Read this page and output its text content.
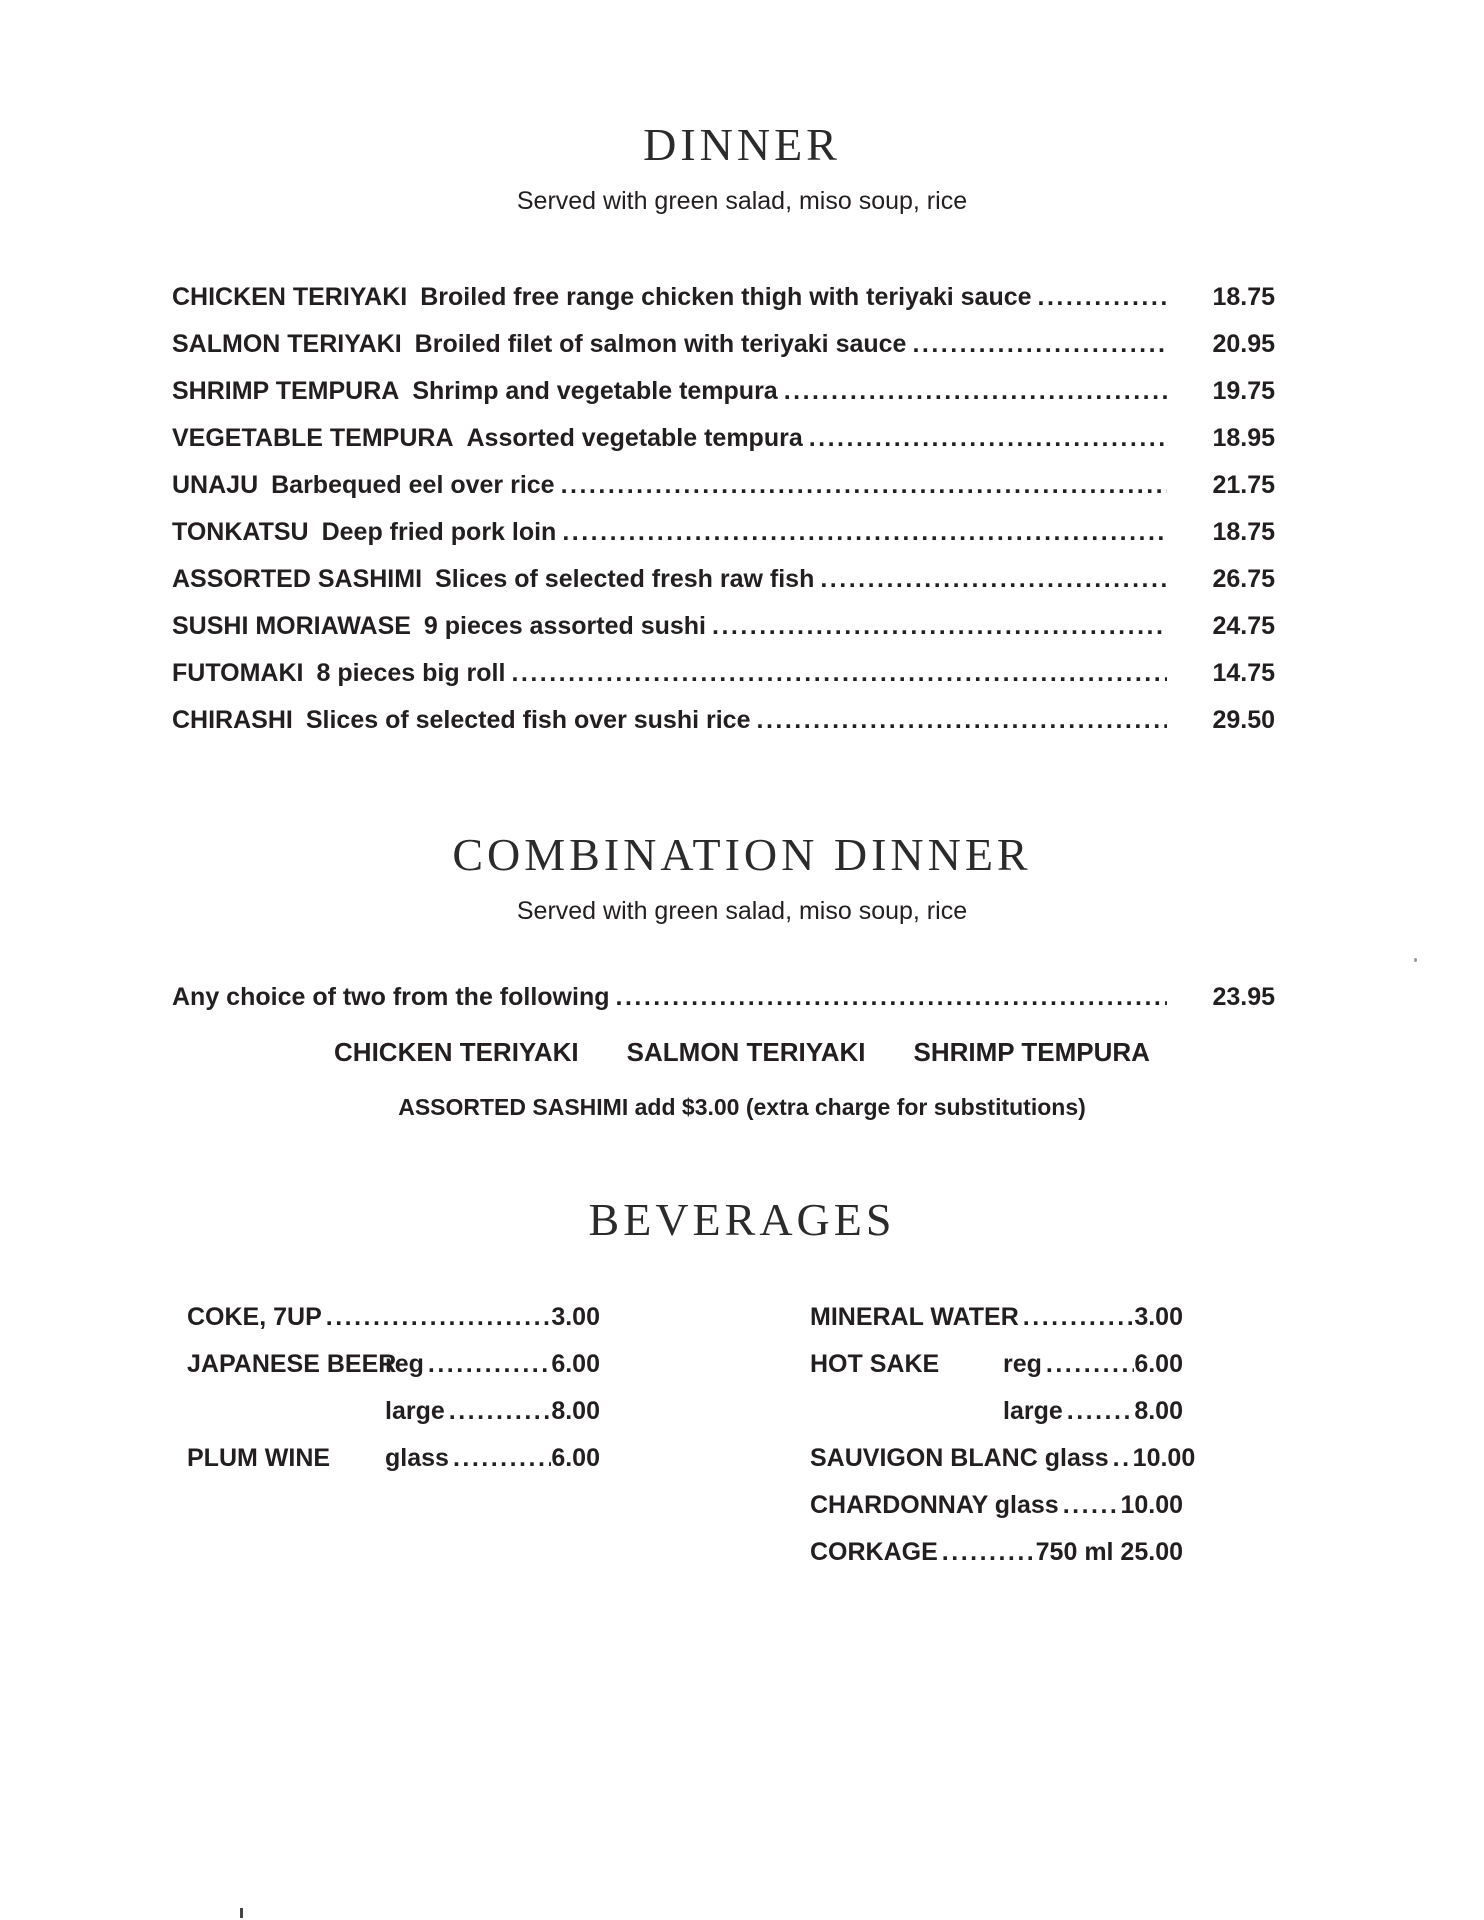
DINNER
Served with green salad, miso soup, rice
CHICKEN TERIYAKI Broiled free range chicken thigh with teriyaki sauce .....	18.75
SALMON TERIYAKI Broiled filet of salmon with teriyaki sauce .....	20.95
SHRIMP TEMPURA Shrimp and vegetable tempura .....	19.75
VEGETABLE TEMPURA Assorted vegetable tempura .....	18.95
UNAJU Barbequed eel over rice .....	21.75
TONKATSU Deep fried pork loin .....	18.75
ASSORTED SASHIMI Slices of selected fresh raw fish .....	26.75
SUSHI MORIAWASE 9 pieces assorted sushi .....	24.75
FUTOMAKI 8 pieces big roll .....	14.75
CHIRASHI Slices of selected fish over sushi rice .....	29.50
COMBINATION DINNER
Served with green salad, miso soup, rice
Any choice of two from the following .....	23.95
CHICKEN TERIYAKI SALMON TERIYAKI SHRIMP TEMPURA
ASSORTED SASHIMI add $3.00 (extra charge for substitutions)
BEVERAGES
COKE, 7UP .....	3.00
JAPANESE BEER
reg .....	6.00
large .....	8.00
PLUM WINE	glass .....	6.00
MINERAL WATER .....	3.00
HOT SAKE	reg .....	6.00
large .....	8.00
SAUVIGON BLANC glass ..... 10.00
CHARDONNAY glass ..... 10.00
CORKAGE .....	750 ml 25.00
